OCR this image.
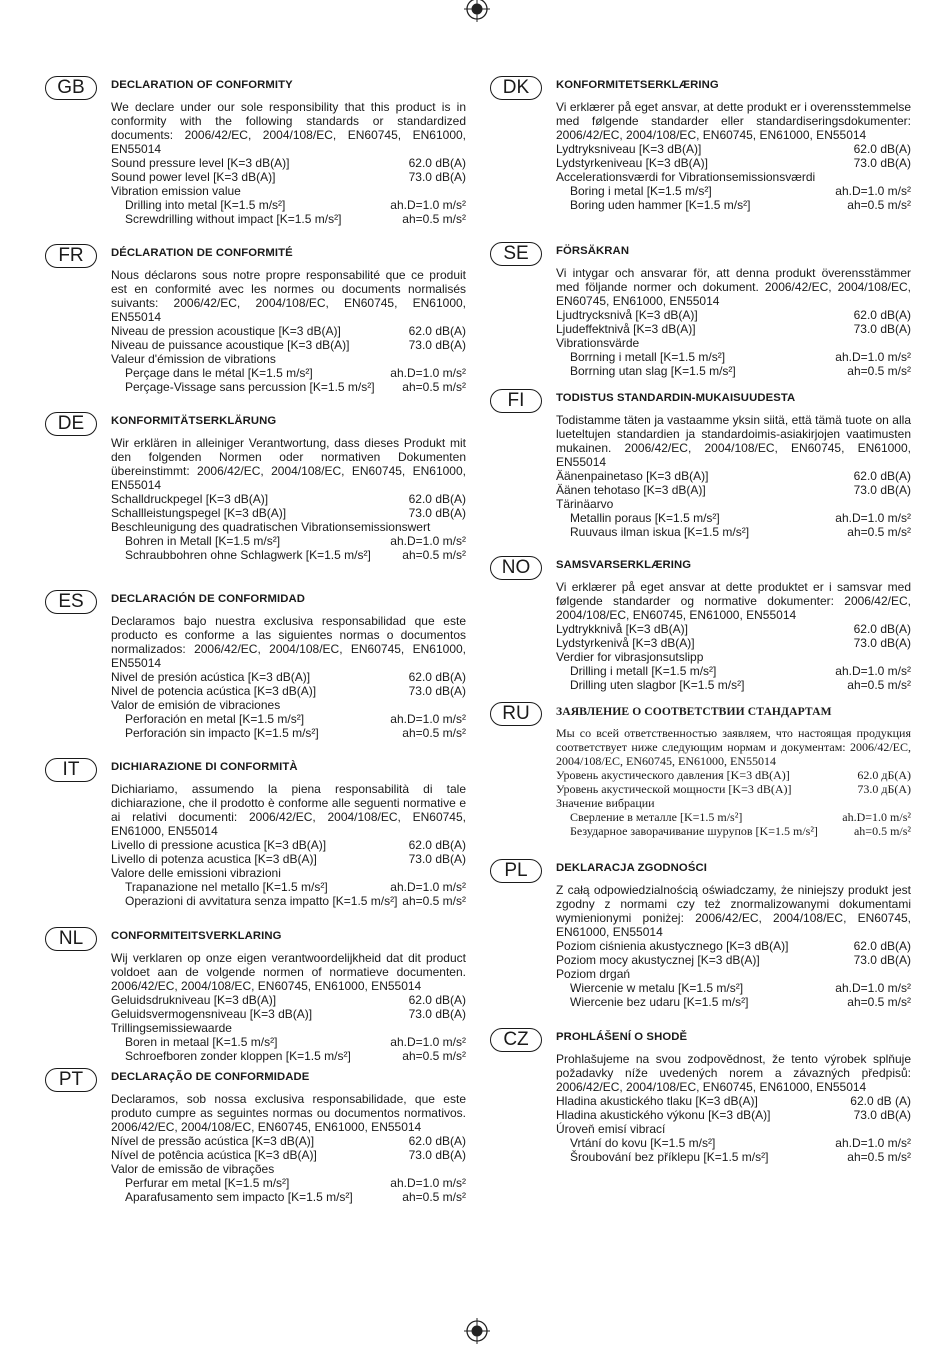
GB	DECLARATION OF CONFORMITY
We declare under our sole responsibility that this product is in conformity with the following standards or standardized documents: 2006/42/EC, 2004/108/EC, EN60745, EN61000, EN55014
Sound pressure level [K=3 dB(A)]	62.0 dB(A)
Sound power level [K=3 dB(A)]	73.0 dB(A)
Vibration emission value
Drilling into metal [K=1.5 m/s²]	ah.D=1.0 m/s²
Screwdrilling without impact [K=1.5 m/s²]	ah=0.5 m/s²
FR	DÉCLARATION DE CONFORMITÉ
Nous déclarons sous notre propre responsabilité que ce produit est en conformité avec les normes ou documents normalisés suivants: 2006/42/EC, 2004/108/EC, EN60745, EN61000, EN55014
Niveau de pression acoustique [K=3 dB(A)]	62.0 dB(A)
Niveau de puissance acoustique [K=3 dB(A)]	73.0 dB(A)
Valeur d'émission de vibrations
Perçage dans le métal [K=1.5 m/s²]	ah.D=1.0 m/s²
Perçage-Vissage sans percussion [K=1.5 m/s²] ah=0.5 m/s²
DE	KONFORMITÄTSERKLÄRUNG
Wir erklären in alleiniger Verantwortung, dass dieses Produkt mit den folgenden Normen oder normativen Dokumenten übereinstimmt: 2006/42/EC, 2004/108/EC, EN60745, EN61000, EN55014
Schalldruckpegel [K=3 dB(A)]	62.0 dB(A)
Schallleistungspegel [K=3 dB(A)]	73.0 dB(A)
Beschleunigung des quadratischen Vibrationsemissionswert
Bohren in Metall [K=1.5 m/s²]	ah.D=1.0 m/s²
Schraubbohren ohne Schlagwerk [K=1.5 m/s²]	ah=0.5 m/s²
ES	DECLARACIÓN DE CONFORMIDAD
Declaramos bajo nuestra exclusiva responsabilidad que este producto es conforme a las siguientes normas o documentos normalizados: 2006/42/EC, 2004/108/EC, EN60745, EN61000, EN55014
Nivel de presión acústica [K=3 dB(A)]	62.0 dB(A)
Nivel de potencia acústica [K=3 dB(A)]	73.0 dB(A)
Valor de emisión de vibraciones
Perforación en metal [K=1.5 m/s²]	ah.D=1.0 m/s²
Perforación sin impacto [K=1.5 m/s²]	ah=0.5 m/s²
IT	DICHIARAZIONE DI CONFORMITÀ
Dichiariamo, assumendo la piena responsabilità di tale dichiarazione, che il prodotto è conforme alle seguenti normative e ai relativi documenti: 2006/42/EC, 2004/108/EC, EN60745, EN61000, EN55014
Livello di pressione acustica [K=3 dB(A)]	62.0 dB(A)
Livello di potenza acustica [K=3 dB(A)]	73.0 dB(A)
Valore delle emissioni vibrazioni
Trapanazione nel metallo [K=1.5 m/s²]	ah.D=1.0 m/s²
Operazioni di avvitatura senza impatto [K=1.5 m/s²] ah=0.5 m/s²
NL	CONFORMITEITSVERKLARING
Wij verklaren op onze eigen verantwoordelijkheid dat dit product voldoet aan de volgende normen of normatieve documenten. 2006/42/EC, 2004/108/EC, EN60745, EN61000, EN55014
Geluidsdrukniveau [K=3 dB(A)]	62.0 dB(A)
Geluidsvermogensniveau [K=3 dB(A)]	73.0 dB(A)
Trillingsemissiewaarde
Boren in metaal [K=1.5 m/s²]	ah.D=1.0 m/s²
Schroefboren zonder kloppen [K=1.5 m/s²]	ah=0.5 m/s²
PT	DECLARAÇÃO DE CONFORMIDADE
Declaramos, sob nossa exclusiva responsabilidade, que este produto cumpre as seguintes normas ou documentos normativos. 2006/42/EC, 2004/108/EC, EN60745, EN61000, EN55014
Nível de pressão acústica [K=3 dB(A)]	62.0 dB(A)
Nível de potência acústica [K=3 dB(A)]	73.0 dB(A)
Valor de emissão de vibrações
Perfurar em metal [K=1.5 m/s²]	ah.D=1.0 m/s²
Aparafusamento sem impacto [K=1.5 m/s²]	ah=0.5 m/s²
DK	KONFORMITETSERKLÆRING
Vi erklærer på eget ansvar, at dette produkt er i overensstemmelse med følgende standarder eller standardiseringsdokumenter: 2006/42/EC, 2004/108/EC, EN60745, EN61000, EN55014
Lydtryksniveau [K=3 dB(A)]	62.0 dB(A)
Lydstyrkeniveau [K=3 dB(A)]	73.0 dB(A)
Accelerationsværdi for Vibrationsemissionsværdi
Boring i metal [K=1.5 m/s²]	ah.D=1.0 m/s²
Boring uden hammer [K=1.5 m/s²]	ah=0.5 m/s²
SE	FÖRSÄKRAN
Vi intygar och ansvarar för, att denna produkt överensstämmer med följande normer och dokument. 2006/42/EC, 2004/108/EC, EN60745, EN61000, EN55014
Ljudtrycksnivå [K=3 dB(A)]	62.0 dB(A)
Ljudeffektnivå [K=3 dB(A)]	73.0 dB(A)
Vibrationsvärde
Borrning i metall [K=1.5 m/s²]	ah.D=1.0 m/s²
Borrning utan slag [K=1.5 m/s²]	ah=0.5 m/s²
FI	TODISTUS STANDARDIN-MUKAISUUDESTA
Todistamme täten ja vastaamme yksin siitä, että tämä tuote on alla lueteltujen standardien ja standardoimis-asiakirjojen vaatimusten mukainen. 2006/42/EC, 2004/108/EC, EN60745, EN61000, EN55014
Äänenpainetaso [K=3 dB(A)]	62.0 dB(A)
Äänen tehotaso [K=3 dB(A)]	73.0 dB(A)
Tärinäarvo
Metallin poraus [K=1.5 m/s²]	ah.D=1.0 m/s²
Ruuvaus ilman iskua [K=1.5 m/s²]	ah=0.5 m/s²
NO	SAMSVARSERKLÆRING
Vi erklærer på eget ansvar at dette produktet er i samsvar med følgende standarder og normative dokumenter: 2006/42/EC, 2004/108/EC, EN60745, EN61000, EN55014
Lydtrykknivå [K=3 dB(A)]	62.0 dB(A)
Lydstyrkenivå [K=3 dB(A)]	73.0 dB(A)
Verdier for vibrasjonsutslipp
Drilling i metall [K=1.5 m/s²]	ah.D=1.0 m/s²
Drilling uten slagbor [K=1.5 m/s²]	ah=0.5 m/s²
RU	ЗАЯВЛЕНИЕ О СООТВЕТСТВИИ СТАНДАРТАМ
Мы со всей ответственностью заявляем, что настоящая продукция соответствует ниже следующим нормам и документам: 2006/42/EC, 2004/108/EC, EN60745, EN61000, EN55014
Уровень акустического давления [K=3 dB(A)]	62.0 дБ(A)
Уровень акустической мощности [K=3 dB(A)]	73.0 дБ(A)
Значение вибрации
Сверление в металле [K=1.5 m/s²]	ah.D=1.0 m/s²
Безударное заворачивание шурупов [K=1.5 m/s²]	ah=0.5 m/s²
PL	DEKLARACJA ZGODNOŚCI
Z całą odpowiedzialnością oświadczamy, że niniejszy produkt jest zgodny z normami czy też znormalizowanymi dokumentami wymienionymi poniżej: 2006/42/EC, 2004/108/EC, EN60745, EN61000, EN55014
Poziom ciśnienia akustycznego [K=3 dB(A)]	62.0 dB(A)
Poziom mocy akustycznej [K=3 dB(A)]	73.0 dB(A)
Poziom drgań
Wiercenie w metalu [K=1.5 m/s²]	ah.D=1.0 m/s²
Wiercenie bez udaru [K=1.5 m/s²]	ah=0.5 m/s²
CZ	PROHLÁŠENÍ O SHODĚ
Prohlašujeme na svou zodpovědnost, že tento výrobek splňuje požadavky níže uvedených norem a závazných předpisů: 2006/42/EC, 2004/108/EC, EN60745, EN61000, EN55014
Hladina akustického tlaku [K=3 dB(A)]	62.0 dB (A)
Hladina akustického výkonu [K=3 dB(A)]	73.0 dB(A)
Úroveň emisí vibrací
Vrtání do kovu [K=1.5 m/s²]	ah.D=1.0 m/s²
Šroubování bez příklepu [K=1.5 m/s²]	ah=0.5 m/s²
